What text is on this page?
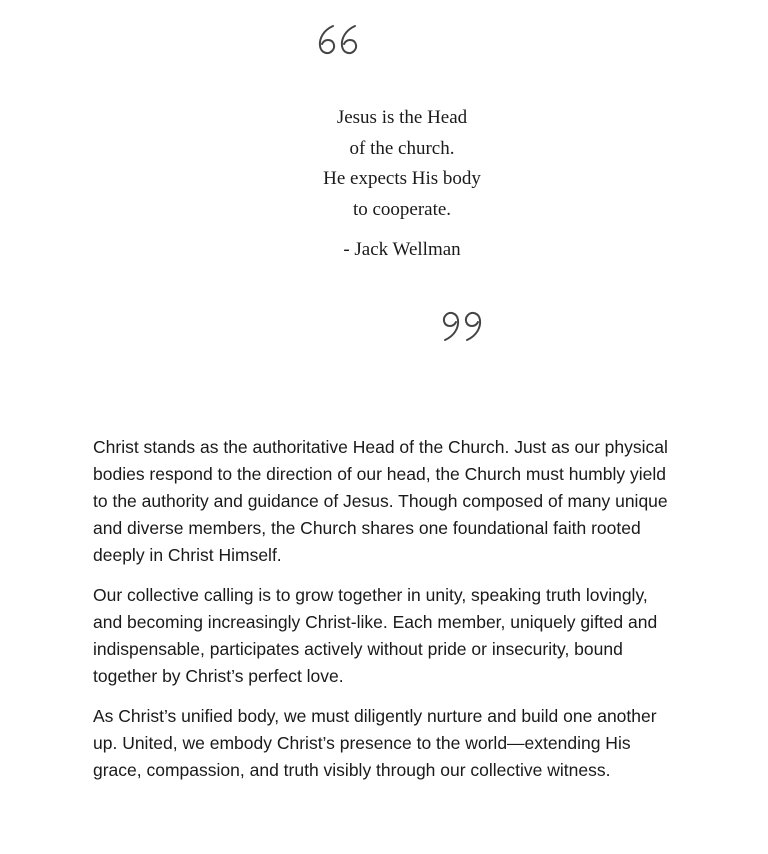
Jesus is the Head
of the church.
He expects His body
to cooperate.
- Jack Wellman

Christ stands as the authoritative Head of the Church. Just as our physical bodies respond to the direction of our head, the Church must humbly yield to the authority and guidance of Jesus. Though composed of many unique and diverse members, the Church shares one foundational faith rooted deeply in Christ Himself.

Our collective calling is to grow together in unity, speaking truth lovingly, and becoming increasingly Christ-like. Each member, uniquely gifted and indispensable, participates actively without pride or insecurity, bound together by Christ’s perfect love.

As Christ’s unified body, we must diligently nurture and build one another up. United, we embody Christ’s presence to the world—extending His grace, compassion, and truth visibly through our collective witness.
